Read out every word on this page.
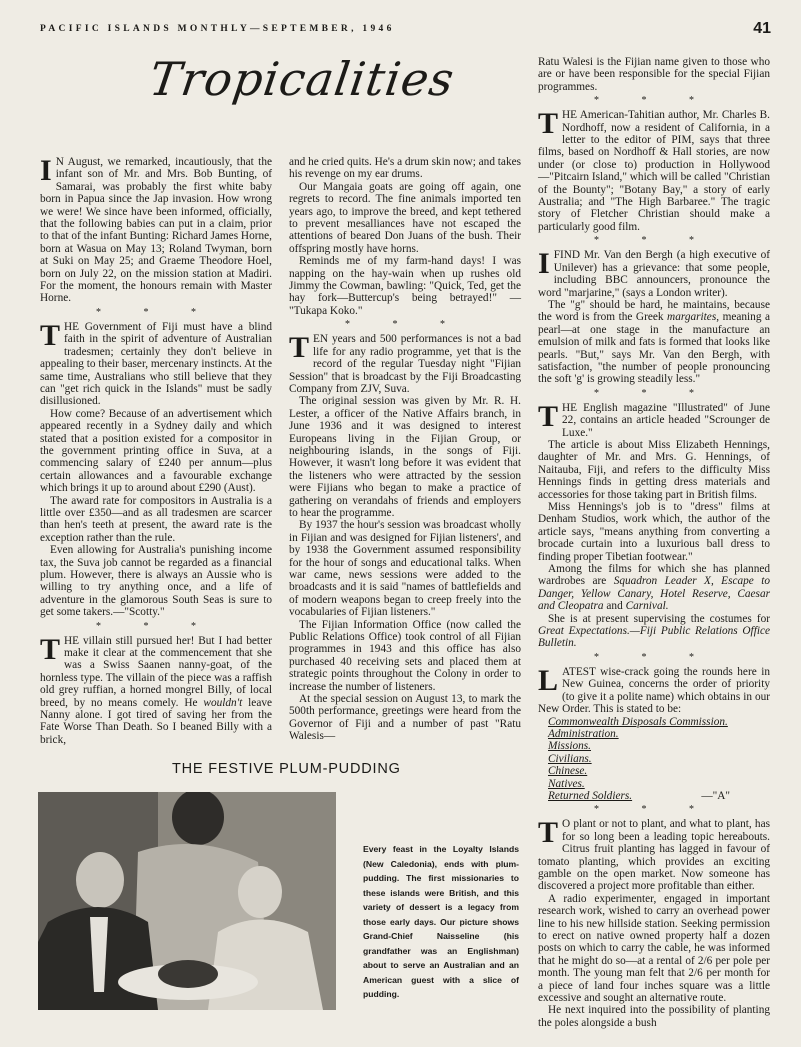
PACIFIC ISLANDS MONTHLY—SEPTEMBER, 1946	41
Tropicalities

I N August, we remarked, incautiously, that the infant son of Mr. and Mrs. Bob Bunting, of Samarai, was probably the first white baby born in Papua since the Jap invasion. How wrong we were! We since have been informed, officially, that the following babies can put in a claim, prior to that of the infant Bunting: Richard James Horne, born at Wasua on May 13; Roland Twyman, born at Suki on May 25; and Graeme Theodore Hoel, born on July 22, on the mission station at Madiri. For the moment, the honours remain with Master Horne.

* * *

THE Government of Fiji must have a blind faith in the spirit of adventure of Australian tradesmen; certainly they don't believe in appealing to their baser, mercenary instincts. At the same time, Australians who still believe that they can "get rich quick in the Islands" must be sadly disillusioned.

How come? Because of an advertisement which appeared recently in a Sydney daily and which stated that a position existed for a compositor in the government printing office in Suva, at a commencing salary of £240 per annum—plus certain allowances and a favourable exchange which brings it up to around about £290 (Aust).

The award rate for compositors in Australia is a little over £350—and as all tradesmen are scarcer than hen's teeth at present, the award rate is the exception rather than the rule.

Even allowing for Australia's punishing income tax, the Suva job cannot be regarded as a financial plum. However, there is always an Aussie who is willing to try anything once, and a life of adventure in the glamorous South Seas is sure to get some takers.—"Scotty."

* * *

THE villain still pursued her! But I had better make it clear at the commencement that she was a Swiss Saanen nanny-goat, of the hornless type. The villain of the piece was a raffish old grey ruffian, a horned mongrel Billy, of local breed, by no means comely. He wouldn't leave Nanny alone. I got tired of saving her from the Fate Worse Than Death. So I beaned Billy with a brick,

and he cried quits. He's a drum skin now; and takes his revenge on my ear drums.

Our Mangaia goats are going off again, one regrets to record. The fine animals imported ten years ago, to improve the breed, and kept tethered to prevent mesalliances have not escaped the attentions of beared Don Juans of the bush. Their offspring mostly have horns.

Reminds me of my farm-hand days! I was napping on the hay-wain when up rushes old Jimmy the Cowman, bawling: "Quick, Ted, get the hay fork—Buttercup's being betrayed!" — "Tukapa Koko."

* * *

TEN years and 500 performances is not a bad life for any radio programme, yet that is the record of the regular Tuesday night "Fijian Session" that is broadcast by the Fiji Broadcasting Company from ZJV, Suva.

The original session was given by Mr. R. H. Lester, a officer of the Native Affairs branch, in June 1936 and it was designed to interest Europeans living in the Fijian Group, or neighbouring islands, in the songs of Fiji. However, it wasn't long before it was evident that the listeners who were attracted by the session were Fijians who began to make a practice of gathering on verandahs of friends and employers to hear the programme.

By 1937 the hour's session was broadcast wholly in Fijian and was designed for Fijian listeners', and by 1938 the Government assumed responsibility for the hour of songs and educational talks. When war came, news sessions were added to the broadcasts and it is said "names of battlefields and of modern weapons began to creep freely into the vocabularies of Fijian listeners."

The Fijian Information Office (now called the Public Relations Office) took control of all Fijian programmes in 1943 and this office has also purchased 40 receiving sets and placed them at strategic points throughout the Colony in order to increase the number of listeners.

At the special session on August 13, to mark the 500th performance, greetings were heard from the Governor of Fiji and a number of past "Ratu Walesis—

Ratu Walesi is the Fijian name given to those who are or have been responsible for the special Fijian programmes.

* * *

THE American-Tahitian author, Mr. Charles B. Nordhoff, now a resident of California, in a letter to the editor of PIM, says that three films, based on Nordhoff & Hall stories, are now under (or close to) production in Hollywood—"Pitcairn Island," which will be called "Christian of the Bounty"; "Botany Bay," a story of early Australia; and "The High Barbaree." The tragic story of Fletcher Christian should make a particularly good film.

* * *

IFIND Mr. Van den Bergh (a high executive of Unilever) has a grievance: that some people, including BBC announcers, pronounce the word "marjarine," (says a London writer).

The "g" should be hard, he maintains, because the word is from the Greek margarites, meaning a pearl—at one stage in the manufacture an emulsion of milk and fats is formed that looks like pearls. "But," says Mr. Van den Bergh, with satisfaction, "the number of people pronouncing the soft 'g' is growing steadily less."

* * *

THE English magazine "Illustrated" of June 22, contains an article headed "Scrounger de Luxe."

The article is about Miss Elizabeth Hennings, daughter of Mr. and Mrs. G. Hennings, of Naitauba, Fiji, and refers to the difficulty Miss Hennings finds in getting dress materials and accessories for those taking part in British films.

Miss Hennings's job is to "dress" films at Denham Studios, work which, the author of the article says, "means anything from converting a brocade curtain into a luxurious ball dress to finding proper Tibetian footwear."

Among the films for which she has planned wardrobes are Squadron Leader X, Escape to Danger, Yellow Canary, Hotel Reserve, Caesar and Cleopatra and Carnival.

She is at present supervising the costumes for Great Expectations.—Fiji Public Relations Office Bulletin.

* * *

LATEST wise-crack going the rounds here in New Guinea, concerns the order of priority (to give it a polite name) which obtains in our New Order. This is stated to be:

Commonwealth Disposals Commission.
Administration.
Missions.
Civilians.
Chinese.
Natives.
Returned Soldiers.	—"A"
* * *

T O plant or not to plant, and what to plant, has for so long been a leading topic hereabouts. Citrus fruit planting has lagged in favour of tomato planting, which provides an exciting gamble on the open market. Now someone has discovered a project more profitable than either.

A radio experimenter, engaged in important research work, wished to carry an overhead power line to his new hillside station. Seeking permission to erect on native owned property half a dozen posts on which to carry the cable, he was informed that he might do so—at a rental of 2/6 per pole per month. The young man felt that 2/6 per month for a piece of land four inches square was a little excessive and sought an alternative route.

He next inquired into the possibility of planting the poles alongside a bush

THE FESTIVE PLUM-PUDDING

Every feast in the Loyalty Islands (New Caledonia), ends with plum-pudding. The first missionaries to these islands were British, and this variety of dessert is a legacy from those early days. Our picture shows Grand-Chief Naisseline (his grandfather was an Englishman) about to serve an Australian and an American guest with a slice of pudding.
